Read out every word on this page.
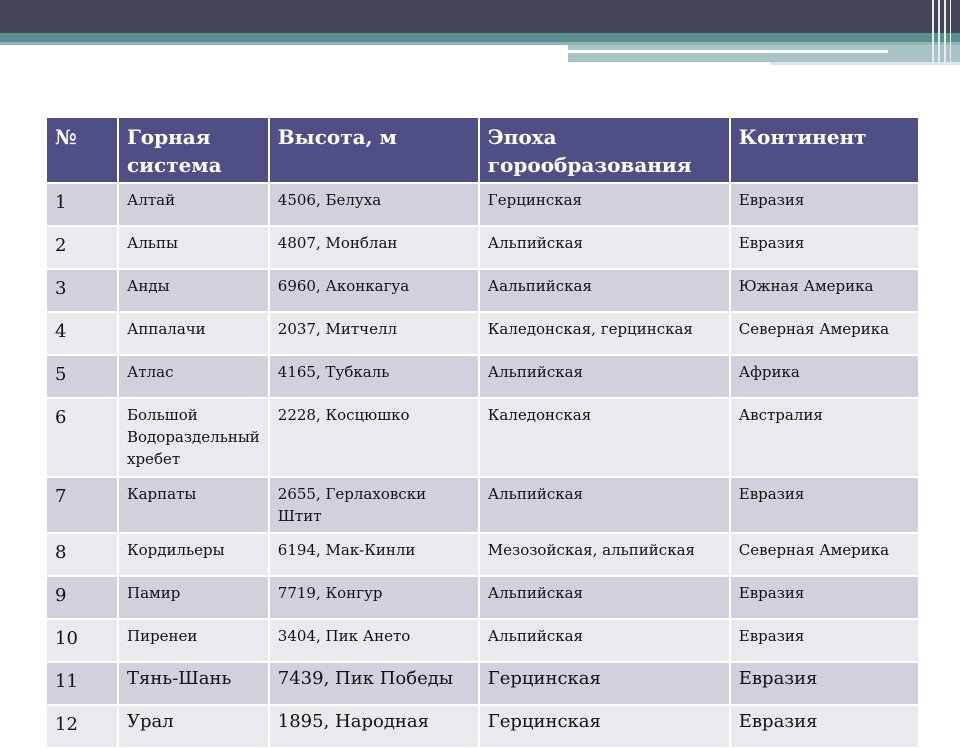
№	Горная система	Высота, м	Эпоха горообразования	Континент
1	Алтай	4506, Белуха	Герцинская	Евразия
2	Альпы	4807, Монблан	Альпийская	Евразия
3	Анды	6960, Аконкагуа	Аальпийская	Южная Америка
4	Аппалачи	2037, Митчелл	Каледонская, герцинская	Северная Америка
5	Атлас	4165, Тубкаль	Альпийская	Африка
6	Большой Водораздельный хребет	2228, Косцюшко	Каледонская	Австралия
7	Карпаты	2655, Герлаховски Штит	Альпийская	Евразия
8	Кордильеры	6194, Мак-Кинли	Мезозойская, альпийская	Северная Америка
9	Памир	7719, Конгур	Альпийская	Евразия
10	Пиренеи	3404, Пик Ането	Альпийская	Евразия
11	Тянь-Шань	7439, Пик Победы	Герцинская	Евразия
12	Урал	1895, Народная	Герцинская	Евразия
